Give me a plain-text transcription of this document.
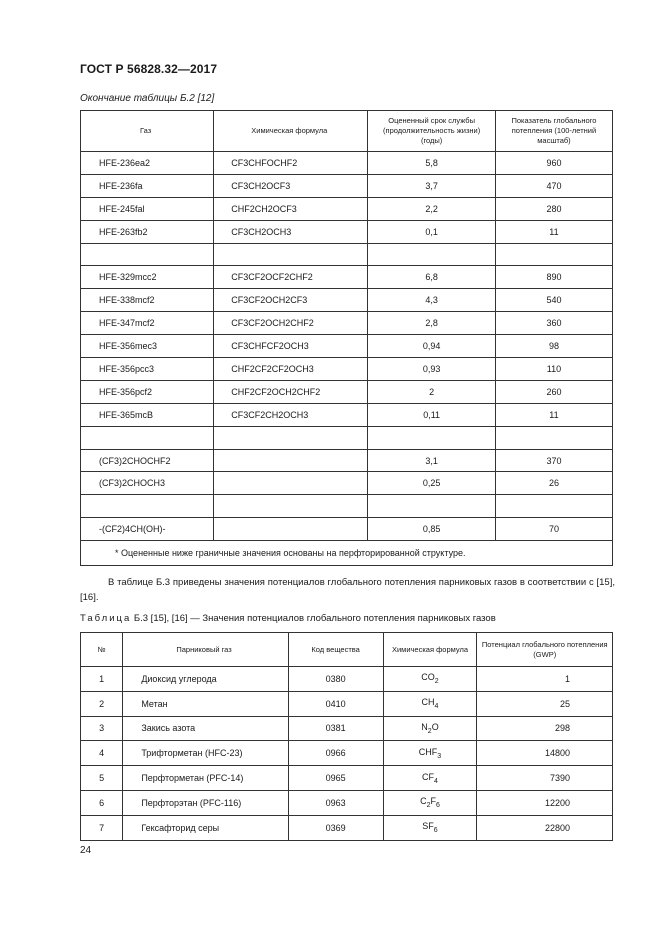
ГОСТ Р 56828.32—2017
Окончание таблицы Б.2 [12]
Газ	Химическая формула	Оцененный срок службы (продолжительность жизни) (годы)	Показатель глобального потепления (100-летний масштаб)
HFE-236ea2	CF3CHFOCHF2	5,8	960
HFE-236fa	CF3CH2OCF3	3,7	470
HFE-245fal	CHF2CH2OCF3	2,2	280
HFE-263fb2	CF3CH2OCH3	0,1	11

HFE-329mcc2	CF3CF2OCF2CHF2	6,8	890
HFE-338mcf2	CF3CF2OCH2CF3	4,3	540
HFE-347mcf2	CF3CF2OCH2CHF2	2,8	360
HFE-356mec3	CF3CHFCF2OCH3	0,94	98
HFE-356pcc3	CHF2CF2CF2OCH3	0,93	110
HFE-356pcf2	CHF2CF2OCH2CHF2	2	260
HFE-365mcB	CF3CF2CH2OCH3	0,11	11

(CF3)2CHOCHF2		3,1	370
(CF3)2CHOCH3		0,25	26

-(CF2)4CH(OH)-		0,85	70
* Оцененные ниже граничные значения основаны на перфторированной структуре.			
В таблице Б.3 приведены значения потенциалов глобального потепления парниковых газов в соответствии с [15], [16].
Таблица Б.3 [15], [16] — Значения потенциалов глобального потепления парниковых газов
№	Парниковый газ	Код вещества	Химическая формула	Потенциал глобального потепления (GWP)
1	Диоксид углерода	0380	$CO_2$	1
2	Метан	0410	$CH_4$	25
3	Закись азота	0381	$N_2O$	298
4	Трифторметан (HFC-23)	0966	$CHF_3$	14800
5	Перфторметан (PFC-14)	0965	$CF_4$	7390
6	Перфторэтан (PFC-116)	0963	$C_2F_6$	12200
7	Гексафторид серы	0369	$SF_6$	22800
24
